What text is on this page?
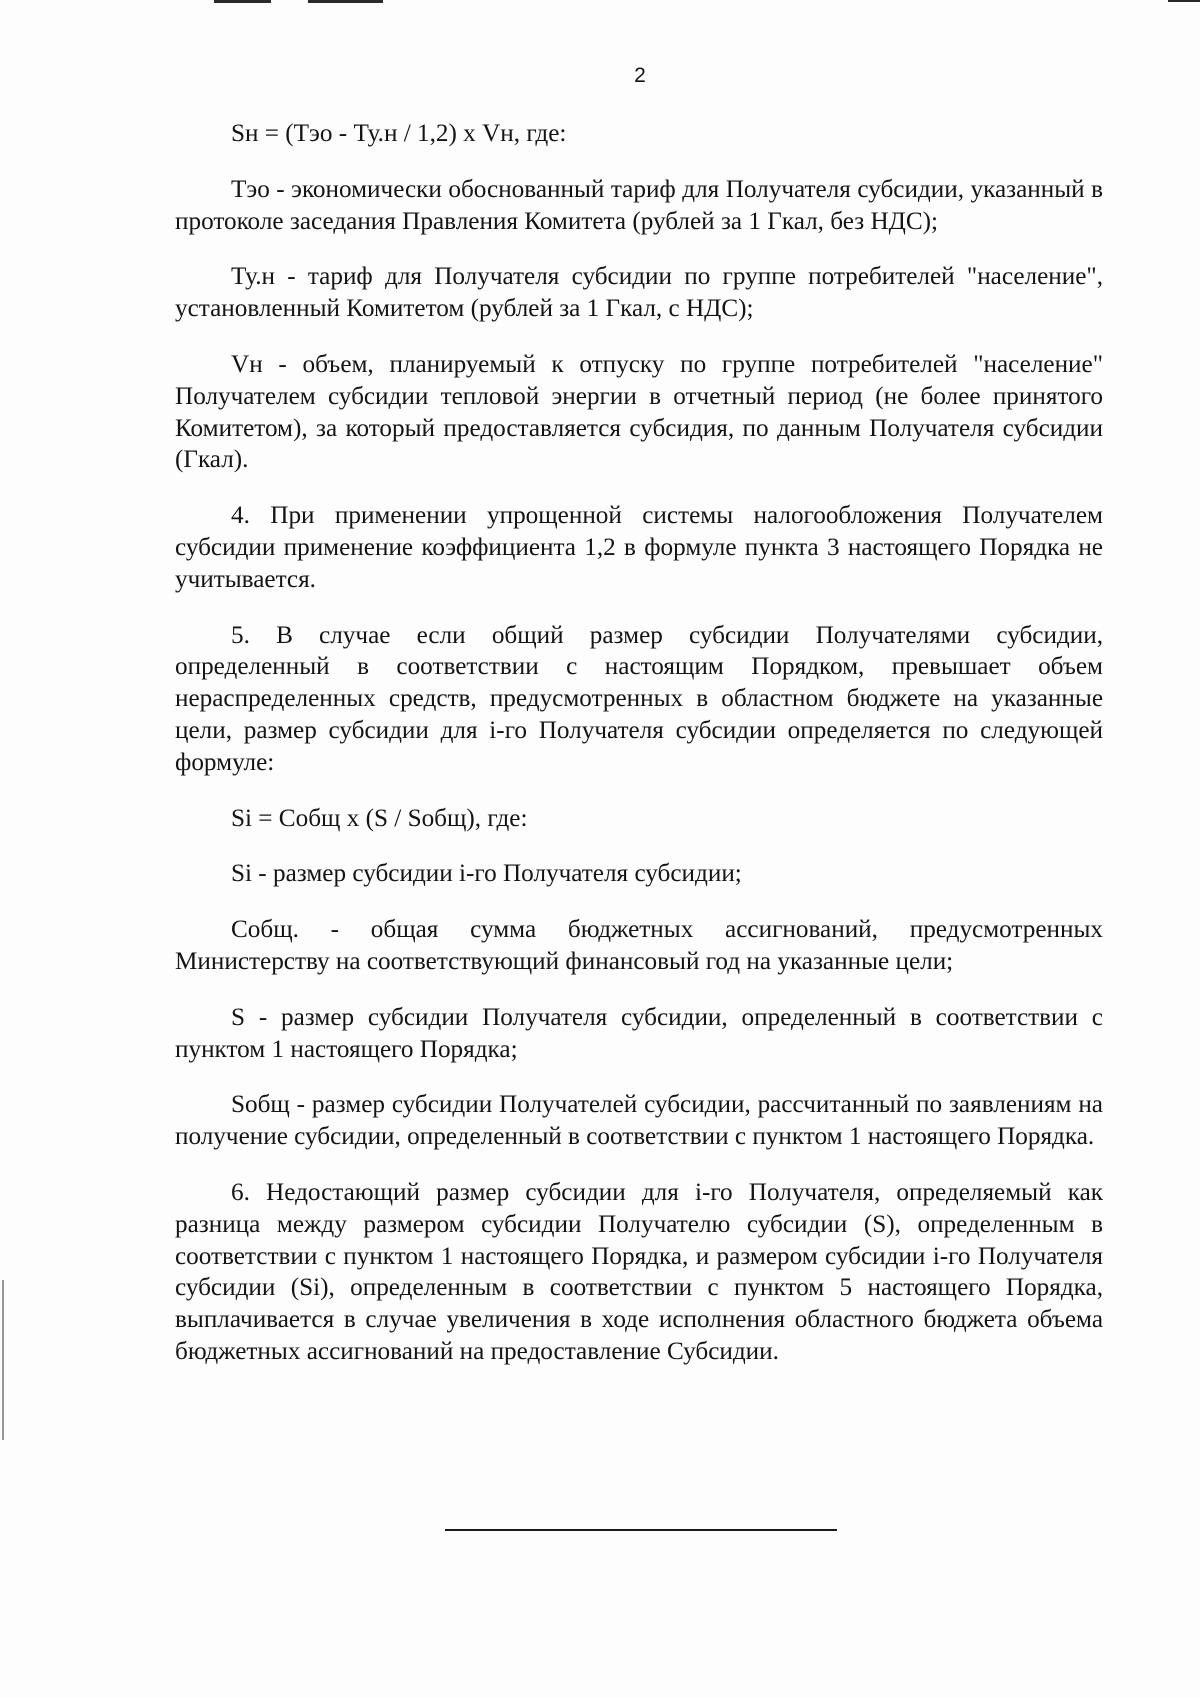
2

Sн = (Тэо - Ту.н / 1,2) х Vн, где:

Тэо - экономически обоснованный тариф для Получателя субсидии, указанный в протоколе заседания Правления Комитета (рублей за 1 Гкал, без НДС);

Ту.н - тариф для Получателя субсидии по группе потребителей "население", установленный Комитетом (рублей за 1 Гкал, с НДС);

Vн - объем, планируемый к отпуску по группе потребителей "население" Получателем субсидии тепловой энергии в отчетный период (не более принятого Комитетом), за который предоставляется субсидия, по данным Получателя субсидии (Гкал).

4. При применении упрощенной системы налогообложения Получателем субсидии применение коэффициента 1,2 в формуле пункта 3 настоящего Порядка не учитывается.

5. В случае если общий размер субсидии Получателями субсидии, определенный в соответствии с настоящим Порядком, превышает объем нераспределенных средств, предусмотренных в областном бюджете на указанные цели, размер субсидии для i-го Получателя субсидии определяется по следующей формуле:

Si = Cобщ х (S / Sобщ), где:

Si - размер субсидии i-го Получателя субсидии;

Cобщ. - общая сумма бюджетных ассигнований, предусмотренных Министерству на соответствующий финансовый год на указанные цели;

S - размер субсидии Получателя субсидии, определенный в соответствии с пунктом 1 настоящего Порядка;

Sобщ - размер субсидии Получателей субсидии, рассчитанный по заявлениям на получение субсидии, определенный в соответствии с пунктом 1 настоящего Порядка.

6. Недостающий размер субсидии для i-го Получателя, определяемый как разница между размером субсидии Получателю субсидии (S), определенным в соответствии с пунктом 1 настоящего Порядка, и размером субсидии i-го Получателя субсидии (Si), определенным в соответствии с пунктом 5 настоящего Порядка, выплачивается в случае увеличения в ходе исполнения областного бюджета объема бюджетных ассигнований на предоставление Субсидии.
